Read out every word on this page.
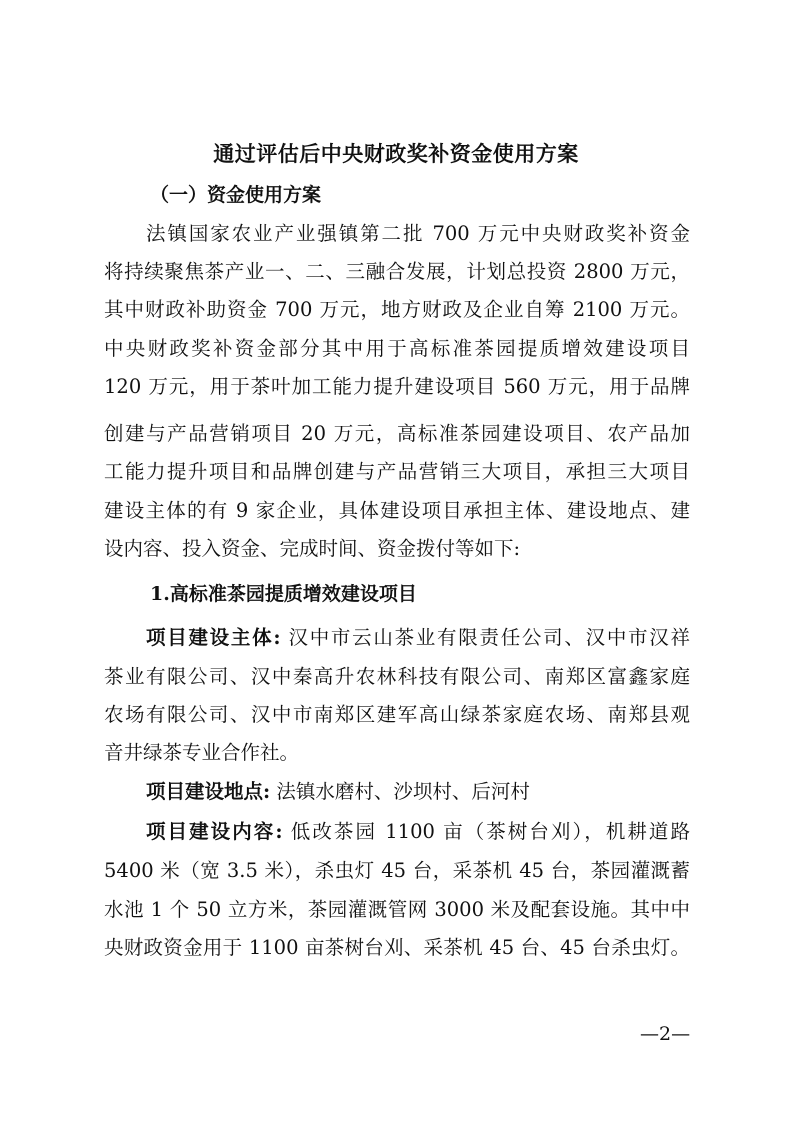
通过评估后中央财政奖补资金使用方案
（一）资金使用方案
法镇国家农业产业强镇第二批 700 万元中央财政奖补资金
将持续聚焦茶产业一、二、三融合发展，计划总投资 2800 万元，
其中财政补助资金 700 万元，地方财政及企业自筹 2100 万元。
中央财政奖补资金部分其中用于高标准茶园提质增效建设项目
120 万元，用于茶叶加工能力提升建设项目 560 万元，用于品牌
创建与产品营销项目 20 万元，高标准茶园建设项目、农产品加
工能力提升项目和品牌创建与产品营销三大项目，承担三大项目
建设主体的有 9 家企业，具体建设项目承担主体、建设地点、建
设内容、投入资金、完成时间、资金拨付等如下:
1.高标准茶园提质增效建设项目
项目建设主体: 汉中市云山茶业有限责任公司、汉中市汉祥
茶业有限公司、汉中秦高升农林科技有限公司、南郑区富鑫家庭
农场有限公司、汉中市南郑区建军高山绿茶家庭农场、南郑县观
音井绿茶专业合作社。
项目建设地点: 法镇水磨村、沙坝村、后河村
项目建设内容: 低改茶园 1100 亩（茶树台刈），机耕道路
5400 米（宽 3.5 米），杀虫灯 45 台，采茶机 45 台，茶园灌溉蓄
水池 1 个 50 立方米，茶园灌溉管网 3000 米及配套设施。其中中
央财政资金用于 1100 亩茶树台刈、采茶机 45 台、45 台杀虫灯。
—2—
